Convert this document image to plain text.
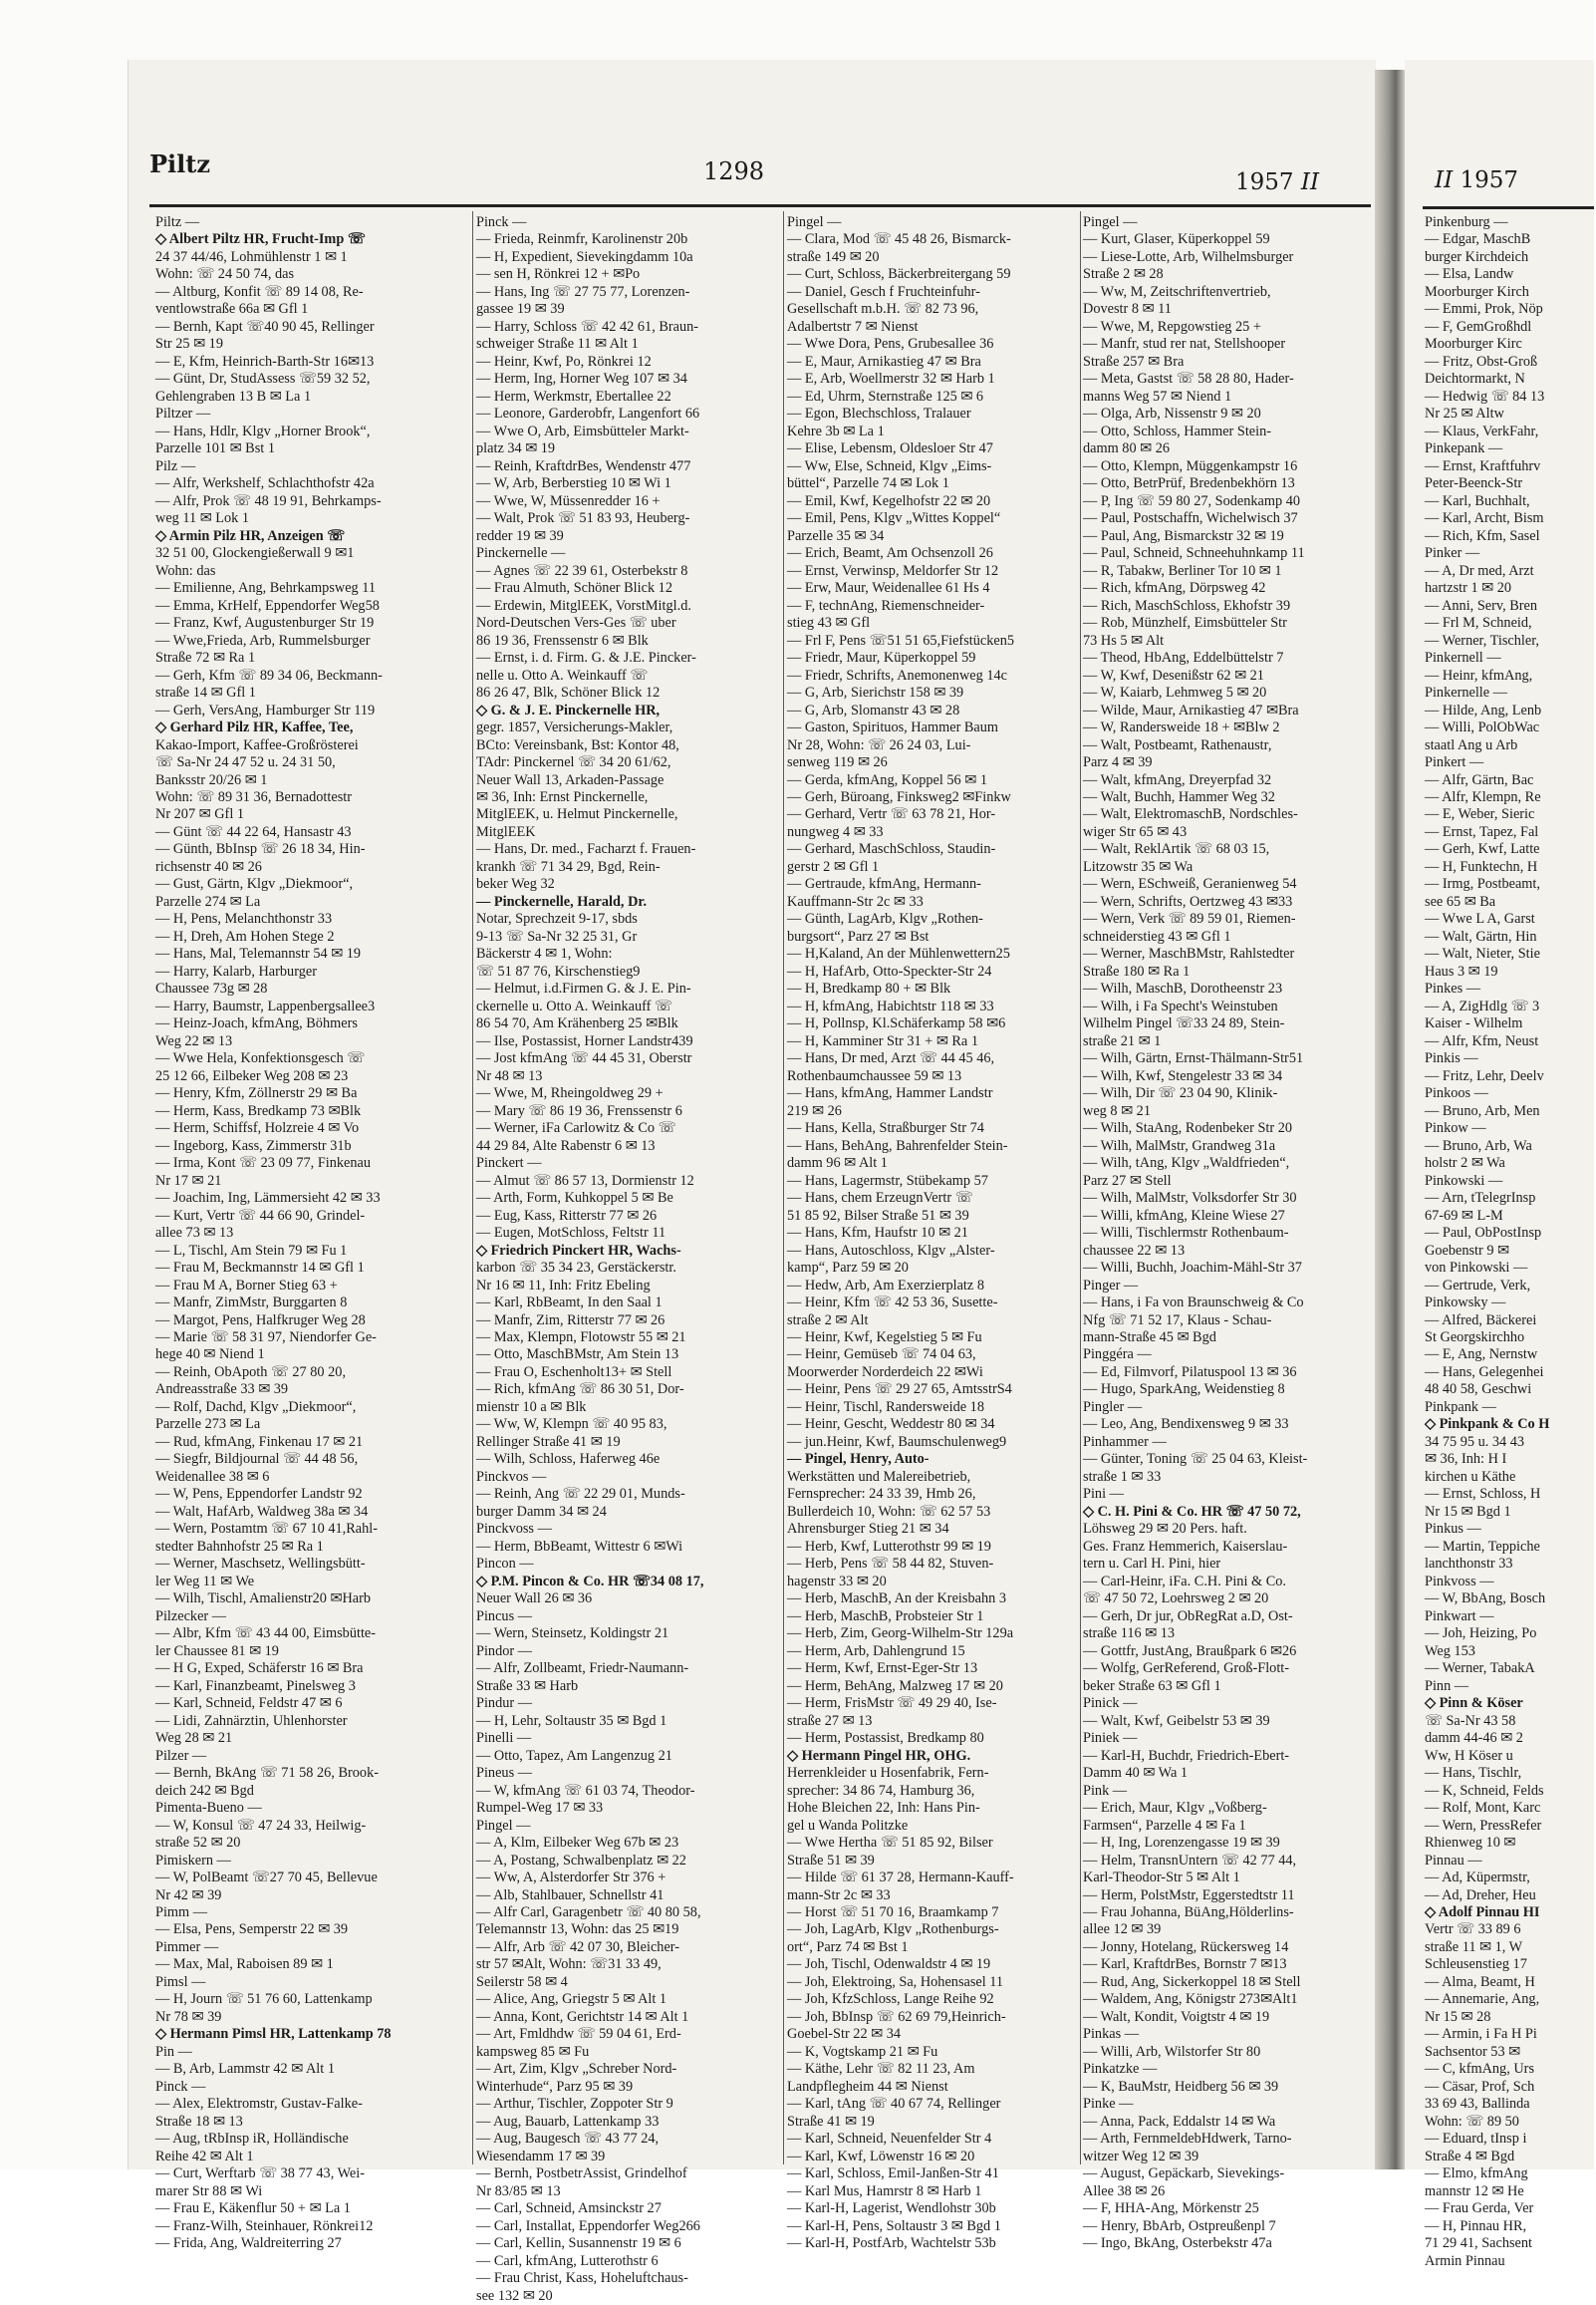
Piltz	1298	1957 II	II 1957
Piltz —
◇ Albert Piltz HR, Frucht-Imp ☏
24 37 44/46, Lohmühlenstr 1 ✉ 1
Wohn: ☏ 24 50 74, das
— Altburg, Konfit ☏ 89 14 08, Re-
ventlowstraße 66a ✉ Gfl 1
— Bernh, Kapt ☏40 90 45, Rellinger
Str 25 ✉ 19
— E, Kfm, Heinrich-Barth-Str 16✉13
— Günt, Dr, StudAssess ☏59 32 52,
Gehlengraben 13 B ✉ La 1
Piltzer —
— Hans, Hdlr, Klgv „Horner Brook“,
Parzelle 101 ✉ Bst 1
Pilz —
— Alfr, Werkshelf, Schlachthofstr 42a
— Alfr, Prok ☏ 48 19 91, Behrkamps-
weg 11 ✉ Lok 1
◇ Armin Pilz HR, Anzeigen ☏
32 51 00, Glockengießerwall 9 ✉1
Wohn: das
— Emilienne, Ang, Behrkampsweg 11
— Emma, KrHelf, Eppendorfer Weg58
— Franz, Kwf, Augustenburger Str 19
— Wwe,Frieda, Arb, Rummelsburger
Straße 72 ✉ Ra 1
— Gerh, Kfm ☏ 89 34 06, Beckmann-
straße 14 ✉ Gfl 1
— Gerh, VersAng, Hamburger Str 119
◇ Gerhard Pilz HR, Kaffee, Tee,
Kakao-Import, Kaffee-Großrösterei
☏ Sa-Nr 24 47 52 u. 24 31 50,
Banksstr 20/26 ✉ 1
Wohn: ☏ 89 31 36, Bernadottestr
Nr 207 ✉ Gfl 1
— Günt ☏ 44 22 64, Hansastr 43
— Günth, BbInsp ☏ 26 18 34, Hin-
richsenstr 40 ✉ 26
— Gust, Gärtn, Klgv „Diekmoor“,
Parzelle 274 ✉ La
— H, Pens, Melanchthonstr 33
— H, Dreh, Am Hohen Stege 2
— Hans, Mal, Telemannstr 54 ✉ 19
— Harry, Kalarb, Harburger
Chaussee 73g ✉ 28
— Harry, Baumstr, Lappenbergsallee3
— Heinz-Joach, kfmAng, Böhmers
Weg 22 ✉ 13
— Wwe Hela, Konfektionsgesch ☏
25 12 66, Eilbeker Weg 208 ✉ 23
— Henry, Kfm, Zöllnerstr 29 ✉ Ba
— Herm, Kass, Bredkamp 73 ✉Blk
— Herm, Schiffsf, Holzreie 4 ✉ Vo
— Ingeborg, Kass, Zimmerstr 31b
— Irma, Kont ☏ 23 09 77, Finkenau
Nr 17 ✉ 21
— Joachim, Ing, Lämmersieht 42 ✉ 33
— Kurt, Vertr ☏ 44 66 90, Grindel-
allee 73 ✉ 13
— L, Tischl, Am Stein 79 ✉ Fu 1
— Frau M, Beckmannstr 14 ✉ Gfl 1
— Frau M A, Borner Stieg 63 +
— Manfr, ZimMstr, Burggarten 8
— Margot, Pens, Halfkruger Weg 28
— Marie ☏ 58 31 97, Niendorfer Ge-
hege 40 ✉ Niend 1
— Reinh, ObApoth ☏ 27 80 20,
Andreasstraße 33 ✉ 39
— Rolf, Dachd, Klgv „Diekmoor“,
Parzelle 273 ✉ La
— Rud, kfmAng, Finkenau 17 ✉ 21
— Siegfr, Bildjournal ☏ 44 48 56,
Weidenallee 38 ✉ 6
— W, Pens, Eppendorfer Landstr 92
— Walt, HafArb, Waldweg 38a ✉ 34
— Wern, Postamtm ☏ 67 10 41,Rahl-
stedter Bahnhofstr 25 ✉ Ra 1
— Werner, Maschsetz, Wellingsbütt-
ler Weg 11 ✉ We
— Wilh, Tischl, Amalienstr20 ✉Harb
Pilzecker —
— Albr, Kfm ☏ 43 44 00, Eimsbütte-
ler Chaussee 81 ✉ 19
— H G, Exped, Schäferstr 16 ✉ Bra
— Karl, Finanzbeamt, Pinelsweg 3
— Karl, Schneid, Feldstr 47 ✉ 6
— Lidi, Zahnärztin, Uhlenhorster
Weg 28 ✉ 21
Pilzer —
— Bernh, BkAng ☏ 71 58 26, Brook-
deich 242 ✉ Bgd
Pimenta-Bueno —
— W, Konsul ☏ 47 24 33, Heilwig-
straße 52 ✉ 20
Pimiskern —
— W, PolBeamt ☏27 70 45, Bellevue
Nr 42 ✉ 39
Pimm —
— Elsa, Pens, Semperstr 22 ✉ 39
Pimmer —
— Max, Mal, Raboisen 89 ✉ 1
Pimsl —
— H, Journ ☏ 51 76 60, Lattenkamp
Nr 78 ✉ 39
◇ Hermann Pimsl HR, Lattenkamp 78
Pin —
— B, Arb, Lammstr 42 ✉ Alt 1
Pinck —
— Alex, Elektromstr, Gustav-Falke-
Straße 18 ✉ 13
— Aug, tRbInsp iR, Holländische
Reihe 42 ✉ Alt 1
— Curt, Werftarb ☏ 38 77 43, Wei-
marer Str 88 ✉ Wi
— Frau E, Käkenflur 50 + ✉ La 1
— Franz-Wilh, Steinhauer, Rönkrei12
— Frida, Ang, Waldreiterring 27
Pinck —
— Frieda, Reinmfr, Karolinenstr 20b
— H, Expedient, Sievekingdamm 10a
— sen H, Rönkrei 12 + ✉Po
— Hans, Ing ☏ 27 75 77, Lorenzen-
gassee 19 ✉ 39
— Harry, Schloss ☏ 42 42 61, Braun-
schweiger Straße 11 ✉ Alt 1
— Heinr, Kwf, Po, Rönkrei 12
— Herm, Ing, Horner Weg 107 ✉ 34
— Herm, Werkmstr, Ebertallee 22
— Leonore, Garderobfr, Langenfort 66
— Wwe O, Arb, Eimsbütteler Markt-
platz 34 ✉ 19
— Reinh, KraftdrBes, Wendenstr 477
— W, Arb, Berberstieg 10 ✉ Wi 1
— Wwe, W, Müssenredder 16 +
— Walt, Prok ☏ 51 83 93, Heuberg-
redder 19 ✉ 39
Pinckernelle —
— Agnes ☏ 22 39 61, Osterbekstr 8
— Frau Almuth, Schöner Blick 12
— Erdewin, MitglEEK, VorstMitgl.d.
Nord-Deutschen Vers-Ges ☏ uber
86 19 36, Frenssenstr 6 ✉ Blk
— Ernst, i. d. Firm. G. & J.E. Pincker-
nelle u. Otto A. Weinkauff ☏
86 26 47, Blk, Schöner Blick 12
◇ G. & J. E. Pinckernelle HR,
gegr. 1857, Versicherungs-Makler,
BCto: Vereinsbank, Bst: Kontor 48,
TAdr: Pinckernel ☏ 34 20 61/62,
Neuer Wall 13, Arkaden-Passage
✉ 36, Inh: Ernst Pinckernelle,
MitglEEK, u. Helmut Pinckernelle,
MitglEEK
— Hans, Dr. med., Facharzt f. Frauen-
krankh ☏ 71 34 29, Bgd, Rein-
beker Weg 32
— Pinckernelle, Harald, Dr.
Notar, Sprechzeit 9-17, sbds
9-13 ☏ Sa-Nr 32 25 31, Gr
Bäckerstr 4 ✉ 1, Wohn:
☏ 51 87 76, Kirschenstieg9
— Helmut, i.d.Firmen G. & J. E. Pin-
ckernelle u. Otto A. Weinkauff ☏
86 54 70, Am Krähenberg 25 ✉Blk
— Ilse, Postassist, Horner Landstr439
— Jost kfmAng ☏ 44 45 31, Oberstr
Nr 48 ✉ 13
— Wwe, M, Rheingoldweg 29 +
— Mary ☏ 86 19 36, Frenssenstr 6
— Werner, iFa Carlowitz & Co ☏
44 29 84, Alte Rabenstr 6 ✉ 13
Pinckert —
— Almut ☏ 86 57 13, Dormienstr 12
— Arth, Form, Kuhkoppel 5 ✉ Be
— Eug, Kass, Ritterstr 77 ✉ 26
— Eugen, MotSchloss, Feltstr 11
◇ Friedrich Pinckert HR, Wachs-
karbon ☏ 35 34 23, Gerstäckerstr.
Nr 16 ✉ 11, Inh: Fritz Ebeling
— Karl, RbBeamt, In den Saal 1
— Manfr, Zim, Ritterstr 77 ✉ 26
— Max, Klempn, Flotowstr 55 ✉ 21
— Otto, MaschBMstr, Am Stein 13
— Frau O, Eschenholt13+ ✉ Stell
— Rich, kfmAng ☏ 86 30 51, Dor-
mienstr 10 a ✉ Blk
— Ww, W, Klempn ☏ 40 95 83,
Rellinger Straße 41 ✉ 19
— Wilh, Schloss, Haferweg 46e
Pinckvos —
— Reinh, Ang ☏ 22 29 01, Munds-
burger Damm 34 ✉ 24
Pinckvoss —
— Herm, BbBeamt, Wittestr 6 ✉Wi
Pincon —
◇ P.M. Pincon & Co. HR ☏34 08 17,
Neuer Wall 26 ✉ 36
Pincus —
— Wern, Steinsetz, Koldingstr 21
Pindor —
— Alfr, Zollbeamt, Friedr-Naumann-
Straße 33 ✉ Harb
Pindur —
— H, Lehr, Soltaustr 35 ✉ Bgd 1
Pinelli —
— Otto, Tapez, Am Langenzug 21
Pineus —
— W, kfmAng ☏ 61 03 74, Theodor-
Rumpel-Weg 17 ✉ 33
Pingel —
— A, Klm, Eilbeker Weg 67b ✉ 23
— A, Postang, Schwalbenplatz ✉ 22
— Ww, A, Alsterdorfer Str 376 +
— Alb, Stahlbauer, Schnellstr 41
— Alfr Carl, Garagenbetr ☏ 40 80 58,
Telemannstr 13, Wohn: das 25 ✉19
— Alfr, Arb ☏ 42 07 30, Bleicher-
str 57 ✉Alt, Wohn: ☏31 33 49,
Seilerstr 58 ✉ 4
— Alice, Ang, Griegstr 5 ✉ Alt 1
— Anna, Kont, Gerichtstr 14 ✉ Alt 1
— Art, Fmldhdw ☏ 59 04 61, Erd-
kampsweg 85 ✉ Fu
— Art, Zim, Klgv „Schreber Nord-
Winterhude“, Parz 95 ✉ 39
— Arthur, Tischler, Zoppoter Str 9
— Aug, Bauarb, Lattenkamp 33
— Aug, Baugesch ☏ 43 77 24,
Wiesendamm 17 ✉ 39
— Bernh, PostbetrAssist, Grindelhof
Nr 83/85 ✉ 13
— Carl, Schneid, Amsinckstr 27
— Carl, Installat, Eppendorfer Weg266
— Carl, Kellin, Susannenstr 19 ✉ 6
— Carl, kfmAng, Lutterothstr 6
— Frau Christ, Kass, Hoheluftchaus-
see 132 ✉ 20
Pingel —
— Clara, Mod ☏ 45 48 26, Bismarck-
straße 149 ✉ 20
— Curt, Schloss, Bäckerbreitergang 59
— Daniel, Gesch f Fruchteinfuhr-
Gesellschaft m.b.H. ☏ 82 73 96,
Adalbertstr 7 ✉ Nienst
— Wwe Dora, Pens, Grubesallee 36
— E, Maur, Arnikastieg 47 ✉ Bra
— E, Arb, Woellmerstr 32 ✉ Harb 1
— Ed, Uhrm, Sternstraße 125 ✉ 6
— Egon, Blechschloss, Tralauer
Kehre 3b ✉ La 1
— Elise, Lebensm, Oldesloer Str 47
— Ww, Else, Schneid, Klgv „Eims-
büttel“, Parzelle 74 ✉ Lok 1
— Emil, Kwf, Kegelhofstr 22 ✉ 20
— Emil, Pens, Klgv „Wittes Koppel“
Parzelle 35 ✉ 34
— Erich, Beamt, Am Ochsenzoll 26
— Ernst, Verwinsp, Meldorfer Str 12
— Erw, Maur, Weidenallee 61 Hs 4
— F, technAng, Riemenschneider-
stieg 43 ✉ Gfl
— Frl F, Pens ☏51 51 65,Fiefstücken5
— Friedr, Maur, Küperkoppel 59
— Friedr, Schrifts, Anemonenweg 14c
— G, Arb, Sierichstr 158 ✉ 39
— G, Arb, Slomanstr 43 ✉ 28
— Gaston, Spirituos, Hammer Baum
Nr 28, Wohn: ☏ 26 24 03, Lui-
senweg 119 ✉ 26
— Gerda, kfmAng, Koppel 56 ✉ 1
— Gerh, Büroang, Finksweg2 ✉Finkw
— Gerhard, Vertr ☏ 63 78 21, Hor-
nungweg 4 ✉ 33
— Gerhard, MaschSchloss, Staudin-
gerstr 2 ✉ Gfl 1
— Gertraude, kfmAng, Hermann-
Kauffmann-Str 2c ✉ 33
— Günth, LagArb, Klgv „Rothen-
burgsort“, Parz 27 ✉ Bst
— H,Kaland, An der Mühlenwettern25
— H, HafArb, Otto-Speckter-Str 24
— H, Bredkamp 80 + ✉ Blk
— H, kfmAng, Habichtstr 118 ✉ 33
— H, Pollnsp, Kl.Schäferkamp 58 ✉6
— H, Kamminer Str 31 + ✉ Ra 1
— Hans, Dr med, Arzt ☏ 44 45 46,
Rothenbaumchaussee 59 ✉ 13
— Hans, kfmAng, Hammer Landstr
219 ✉ 26
— Hans, Kella, Straßburger Str 74
— Hans, BehAng, Bahrenfelder Stein-
damm 96 ✉ Alt 1
— Hans, Lagermstr, Stübekamp 57
— Hans, chem ErzeugnVertr ☏
51 85 92, Bilser Straße 51 ✉ 39
— Hans, Kfm, Haufstr 10 ✉ 21
— Hans, Autoschloss, Klgv „Alster-
kamp“, Parz 59 ✉ 20
— Hedw, Arb, Am Exerzierplatz 8
— Heinr, Kfm ☏ 42 53 36, Susette-
straße 2 ✉ Alt
— Heinr, Kwf, Kegelstieg 5 ✉ Fu
— Heinr, Gemüseb ☏ 74 04 63,
Moorwerder Norderdeich 22 ✉Wi
— Heinr, Pens ☏ 29 27 65, AmtsstrS4
— Heinr, Tischl, Randersweide 18
— Heinr, Gescht, Weddestr 80 ✉ 34
— jun.Heinr, Kwf, Baumschulenweg9
— Pingel, Henry, Auto-
Werkstätten und Malereibetrieb,
Fernsprecher: 24 33 39, Hmb 26,
Bullerdeich 10, Wohn: ☏ 62 57 53
Ahrensburger Stieg 21 ✉ 34
— Herb, Kwf, Lutterothstr 99 ✉ 19
— Herb, Pens ☏ 58 44 82, Stuven-
hagenstr 33 ✉ 20
— Herb, MaschB, An der Kreisbahn 3
— Herb, MaschB, Probsteier Str 1
— Herb, Zim, Georg-Wilhelm-Str 129a
— Herm, Arb, Dahlengrund 15
— Herm, Kwf, Ernst-Eger-Str 13
— Herm, BehAng, Malzweg 17 ✉ 20
— Herm, FrisMstr ☏ 49 29 40, Ise-
straße 27 ✉ 13
— Herm, Postassist, Bredkamp 80
◇ Hermann Pingel HR, OHG.
Herrenkleider u Hosenfabrik, Fern-
sprecher: 34 86 74, Hamburg 36,
Hohe Bleichen 22, Inh: Hans Pin-
gel u Wanda Politzke
— Wwe Hertha ☏ 51 85 92, Bilser
Straße 51 ✉ 39
— Hilde ☏ 61 37 28, Hermann-Kauff-
mann-Str 2c ✉ 33
— Horst ☏ 51 70 16, Braamkamp 7
— Joh, LagArb, Klgv „Rothenburgs-
ort“, Parz 74 ✉ Bst 1
— Joh, Tischl, Odenwaldstr 4 ✉ 19
— Joh, Elektroing, Sa, Hohensasel 11
— Joh, KfzSchloss, Lange Reihe 92
— Joh, BbInsp ☏ 62 69 79,Heinrich-
Goebel-Str 22 ✉ 34
— K, Vogtskamp 21 ✉ Fu
— Käthe, Lehr ☏ 82 11 23, Am
Landpflegheim 44 ✉ Nienst
— Karl, tAng ☏ 40 67 74, Rellinger
Straße 41 ✉ 19
— Karl, Schneid, Neuenfelder Str 4
— Karl, Kwf, Löwenstr 16 ✉ 20
— Karl, Schloss, Emil-Janßen-Str 41
— Karl Mus, Hamrstr 8 ✉ Harb 1
— Karl-H, Lagerist, Wendlohstr 30b
— Karl-H, Pens, Soltaustr 3 ✉ Bgd 1
— Karl-H, PostfArb, Wachtelstr 53b
Pingel —
— Kurt, Glaser, Küperkoppel 59
— Liese-Lotte, Arb, Wilhelmsburger
Straße 2 ✉ 28
— Ww, M, Zeitschriftenvertrieb,
Dovestr 8 ✉ 11
— Wwe, M, Repgowstieg 25 +
— Manfr, stud rer nat, Stellshooper
Straße 257 ✉ Bra
— Meta, Gastst ☏ 58 28 80, Hader-
manns Weg 57 ✉ Niend 1
— Olga, Arb, Nissenstr 9 ✉ 20
— Otto, Schloss, Hammer Stein-
damm 80 ✉ 26
— Otto, Klempn, Müggenkampstr 16
— Otto, BetrPrüf, Bredenbekhörn 13
— P, Ing ☏ 59 80 27, Sodenkamp 40
— Paul, Postschaffn, Wichelwisch 37
— Paul, Ang, Bismarckstr 32 ✉ 19
— Paul, Schneid, Schneehuhnkamp 11
— R, Tabakw, Berliner Tor 10 ✉ 1
— Rich, kfmAng, Dörpsweg 42
— Rich, MaschSchloss, Ekhofstr 39
— Rob, Münzhelf, Eimsbütteler Str
73 Hs 5 ✉ Alt
— Theod, HbAng, Eddelbüttelstr 7
— W, Kwf, Desenißstr 62 ✉ 21
— W, Kaiarb, Lehmweg 5 ✉ 20
— Wilde, Maur, Arnikastieg 47 ✉Bra
— W, Randersweide 18 + ✉Blw 2
— Walt, Postbeamt, Rathenaustr,
Parz 4 ✉ 39
— Walt, kfmAng, Dreyerpfad 32
— Walt, Buchh, Hammer Weg 32
— Walt, ElektromaschB, Nordschles-
wiger Str 65 ✉ 43
— Walt, ReklArtik ☏ 68 03 15,
Litzowstr 35 ✉ Wa
— Wern, ESchweiß, Geranienweg 54
— Wern, Schrifts, Oertzweg 43 ✉33
— Wern, Verk ☏ 89 59 01, Riemen-
schneiderstieg 43 ✉ Gfl 1
— Werner, MaschBMstr, Rahlstedter
Straße 180 ✉ Ra 1
— Wilh, MaschB, Dorotheenstr 23
— Wilh, i Fa Specht's Weinstuben
Wilhelm Pingel ☏33 24 89, Stein-
straße 21 ✉ 1
— Wilh, Gärtn, Ernst-Thälmann-Str51
— Wilh, Kwf, Stengelestr 33 ✉ 34
— Wilh, Dir ☏ 23 04 90, Klinik-
weg 8 ✉ 21
— Wilh, StaAng, Rodenbeker Str 20
— Wilh, MalMstr, Grandweg 31a
— Wilh, tAng, Klgv „Waldfrieden“,
Parz 27 ✉ Stell
— Wilh, MalMstr, Volksdorfer Str 30
— Willi, kfmAng, Kleine Wiese 27
— Willi, Tischlermstr Rothenbaum-
chaussee 22 ✉ 13
— Willi, Buchh, Joachim-Mähl-Str 37
Pinger —
— Hans, i Fa von Braunschweig & Co
Nfg ☏ 71 52 17, Klaus - Schau-
mann-Straße 45 ✉ Bgd
Pinggéra —
— Ed, Filmvorf, Pilatuspool 13 ✉ 36
— Hugo, SparkAng, Weidenstieg 8
Pingler —
— Leo, Ang, Bendixensweg 9 ✉ 33
Pinhammer —
— Günter, Toning ☏ 25 04 63, Kleist-
straße 1 ✉ 33
Pini —
◇ C. H. Pini & Co. HR ☏ 47 50 72,
Löhsweg 29 ✉ 20 Pers. haft.
Ges. Franz Hemmerich, Kaiserslau-
tern u. Carl H. Pini, hier
— Carl-Heinr, iFa. C.H. Pini & Co.
☏ 47 50 72, Loehrsweg 2 ✉ 20
— Gerh, Dr jur, ObRegRat a.D, Ost-
straße 116 ✉ 13
— Gottfr, JustAng, Braußpark 6 ✉26
— Wolfg, GerReferend, Groß-Flott-
beker Straße 63 ✉ Gfl 1
Pinick —
— Walt, Kwf, Geibelstr 53 ✉ 39
Piniek —
— Karl-H, Buchdr, Friedrich-Ebert-
Damm 40 ✉ Wa 1
Pink —
— Erich, Maur, Klgv „Voßberg-
Farmsen“, Parzelle 4 ✉ Fa 1
— H, Ing, Lorenzengasse 19 ✉ 39
— Helm, TransnUntern ☏ 42 77 44,
Karl-Theodor-Str 5 ✉ Alt 1
— Herm, PolstMstr, Eggerstedtstr 11
— Frau Johanna, BüAng,Hölderlins-
allee 12 ✉ 39
— Jonny, Hotelang, Rückersweg 14
— Karl, KraftdrBes, Bornstr 7 ✉13
— Rud, Ang, Sickerkoppel 18 ✉ Stell
— Waldem, Ang, Königstr 273✉Alt1
— Walt, Kondit, Voigtstr 4 ✉ 19
Pinkas —
— Willi, Arb, Wilstorfer Str 80
Pinkatzke —
— K, BauMstr, Heidberg 56 ✉ 39
Pinke —
— Anna, Pack, Eddalstr 14 ✉ Wa
— Arth, FernmeldebHdwerk, Tarno-
witzer Weg 12 ✉ 39
— August, Gepäckarb, Sievekings-
Allee 38 ✉ 26
— F, HHA-Ang, Mörkenstr 25
— Henry, BbArb, Ostpreußenpl 7
— Ingo, BkAng, Osterbekstr 47a
Pinkenburg —
— Edgar, MaschB
burger Kirchdeich
— Elsa, Landw
Moorburger Kirch
— Emmi, Prok, Nöp
— F, GemGroßhdl
Moorburger Kirc
— Fritz, Obst-Groß
Deichtormarkt, N
— Hedwig ☏ 84 13
Nr 25 ✉ Altw
— Klaus, VerkFahr,
Pinkepank —
— Ernst, Kraftfuhrv
Peter-Beenck-Str
— Karl, Buchhalt,
— Karl, Archt, Bism
— Rich, Kfm, Sasel
Pinker —
— A, Dr med, Arzt
hartzstr 1 ✉ 20
— Anni, Serv, Bren
— Frl M, Schneid,
— Werner, Tischler,
Pinkernell —
— Heinr, kfmAng,
Pinkernelle —
— Hilde, Ang, Lenb
— Willi, PolObWac
staatl Ang u Arb
Pinkert —
— Alfr, Gärtn, Bac
— Alfr, Klempn, Re
— E, Weber, Sieric
— Ernst, Tapez, Fal
— Gerh, Kwf, Latte
— H, Funktechn, H
— Irmg, Postbeamt,
see 65 ✉ Ba
— Wwe L A, Garst
— Walt, Gärtn, Hin
— Walt, Nieter, Stie
Haus 3 ✉ 19
Pinkes —
— A, ZigHdlg ☏ 3
Kaiser - Wilhelm
— Alfr, Kfm, Neust
Pinkis —
— Fritz, Lehr, Deelv
Pinkoos —
— Bruno, Arb, Men
Pinkow —
— Bruno, Arb, Wa
holstr 2 ✉ Wa
Pinkowski —
— Arn, tTelegrInsp
67-69 ✉ L-M
— Paul, ObPostInsp
Goebenstr 9 ✉
von Pinkowski —
— Gertrude, Verk,
Pinkowsky —
— Alfred, Bäckerei
St Georgskirchho
— E, Ang, Nernstw
— Hans, Gelegenhei
48 40 58, Geschwi
Pinkpank —
◇ Pinkpank & Co H
34 75 95 u. 34 43
✉ 36, Inh: H I
kirchen u Käthe
— Ernst, Schloss, H
Nr 15 ✉ Bgd 1
Pinkus —
— Martin, Teppiche
lanchthonstr 33
Pinkvoss —
— W, BbAng, Bosch
Pinkwart —
— Joh, Heizing, Po
Weg 153
— Werner, TabakA
Pinn —
◇ Pinn & Köser
☏ Sa-Nr 43 58
damm 44-46 ✉ 2
Ww, H Köser u
— Hans, Tischlr,
— K, Schneid, Felds
— Rolf, Mont, Karc
— Wern, PressRefer
Rhienweg 10 ✉
Pinnau —
— Ad, Küpermstr,
— Ad, Dreher, Heu
◇ Adolf Pinnau HI
Vertr ☏ 33 89 6
straße 11 ✉ 1, W
Schleusenstieg 17
— Alma, Beamt, H
— Annemarie, Ang,
Nr 15 ✉ 28
— Armin, i Fa H Pi
Sachsentor 53 ✉
— C, kfmAng, Urs
— Cäsar, Prof, Sch
33 69 43, Ballinda
Wohn: ☏ 89 50
— Eduard, tInsp i
Straße 4 ✉ Bgd
— Elmo, kfmAng
mannstr 12 ✉ He
— Frau Gerda, Ver
— H, Pinnau HR,
71 29 41, Sachsent
Armin Pinnau
